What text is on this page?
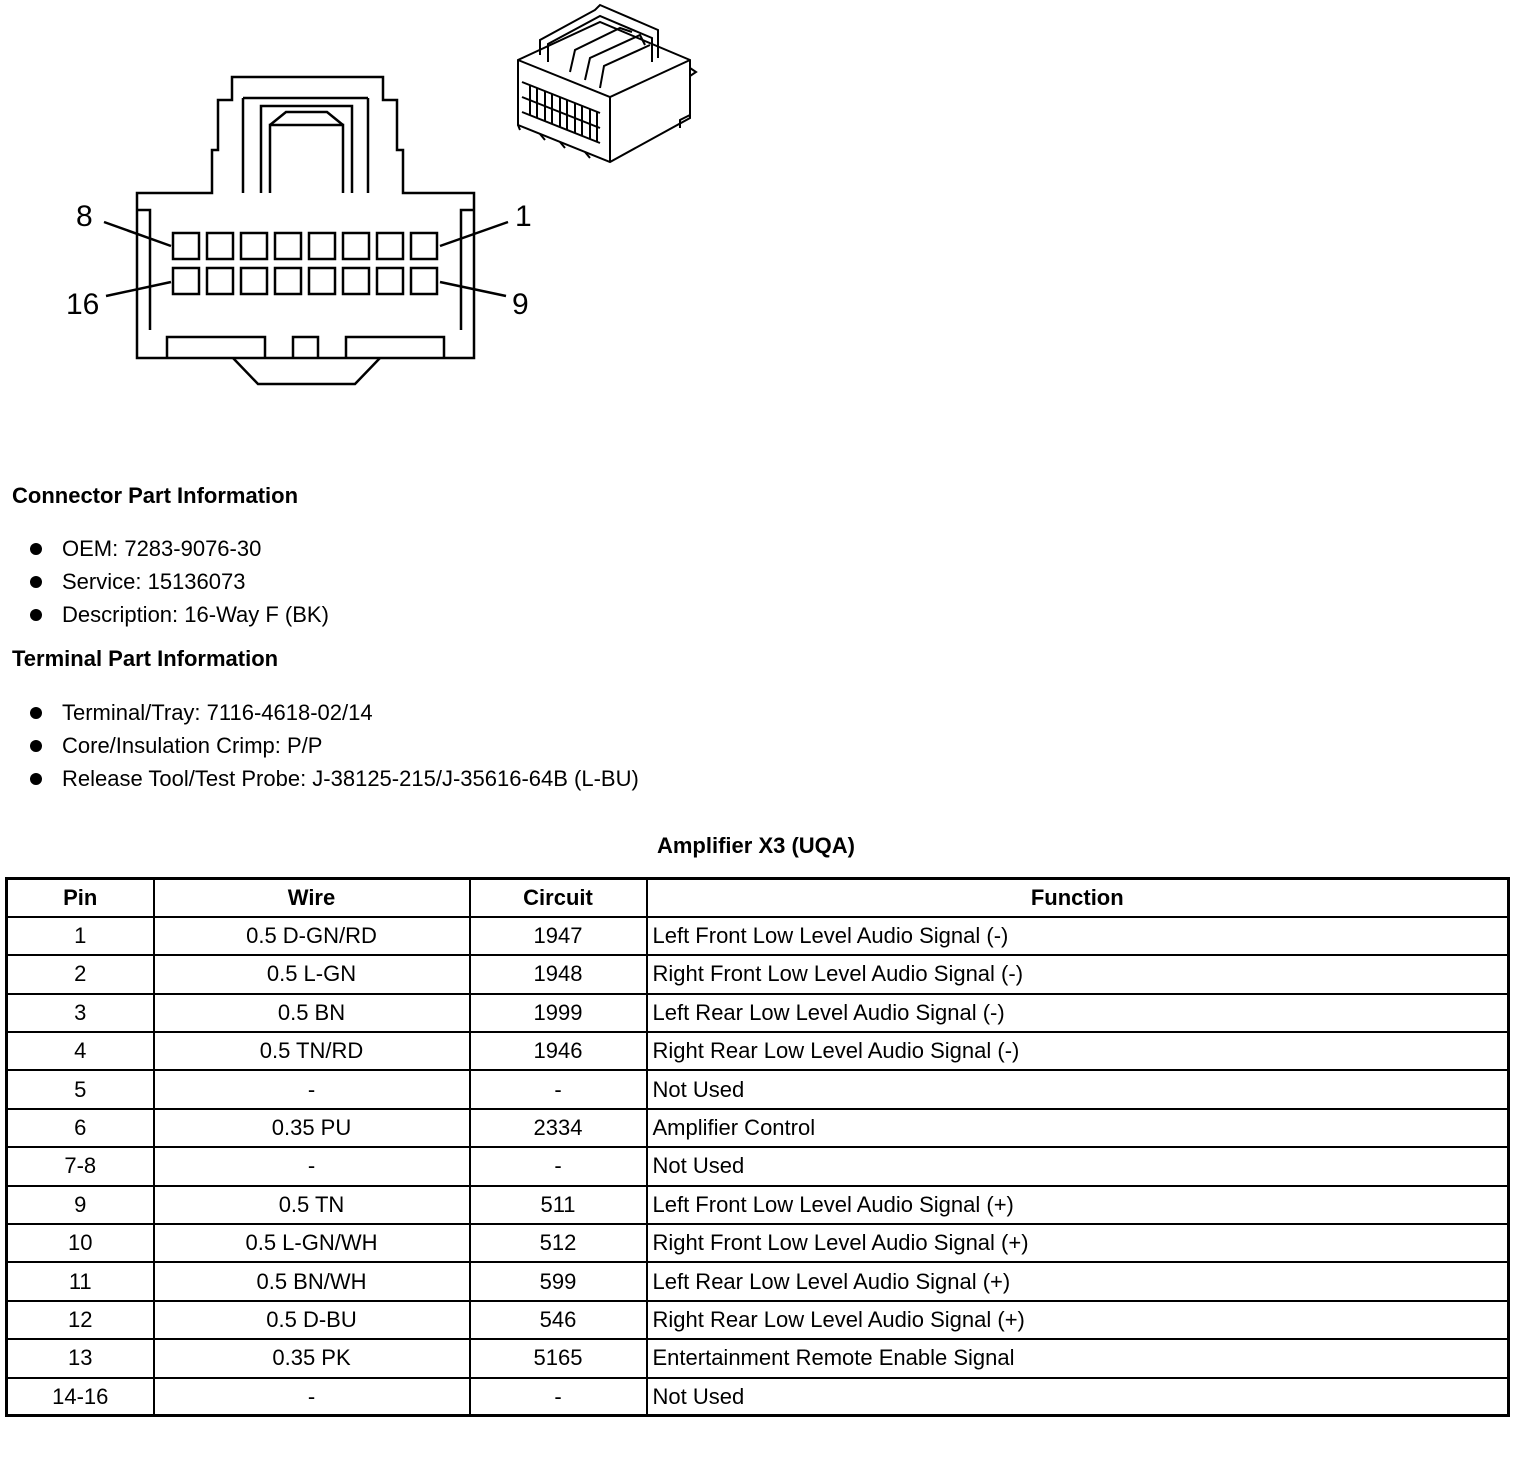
8	1
16	9
Connector Part Information
OEM: 7283-9076-30
Service: 15136073
Description: 16-Way F (BK)
Terminal Part Information
Terminal/Tray: 7116-4618-02/14
Core/Insulation Crimp: P/P
Release Tool/Test Probe: J-38125-215/J-35616-64B (L-BU)
Amplifier X3 (UQA)
Pin	Wire	Circuit	Function
1	0.5 D-GN/RD	1947	Left Front Low Level Audio Signal (-)
2	0.5 L-GN	1948	Right Front Low Level Audio Signal (-)
3	0.5 BN	1999	Left Rear Low Level Audio Signal (-)
4	0.5 TN/RD	1946	Right Rear Low Level Audio Signal (-)
5	-	-	Not Used
6	0.35 PU	2334	Amplifier Control
7-8	-	-	Not Used
9	0.5 TN	511	Left Front Low Level Audio Signal (+)
10	0.5 L-GN/WH	512	Right Front Low Level Audio Signal (+)
11	0.5 BN/WH	599	Left Rear Low Level Audio Signal (+)
12	0.5 D-BU	546	Right Rear Low Level Audio Signal (+)
13	0.35 PK	5165	Entertainment Remote Enable Signal
14-16	-	-	Not Used
